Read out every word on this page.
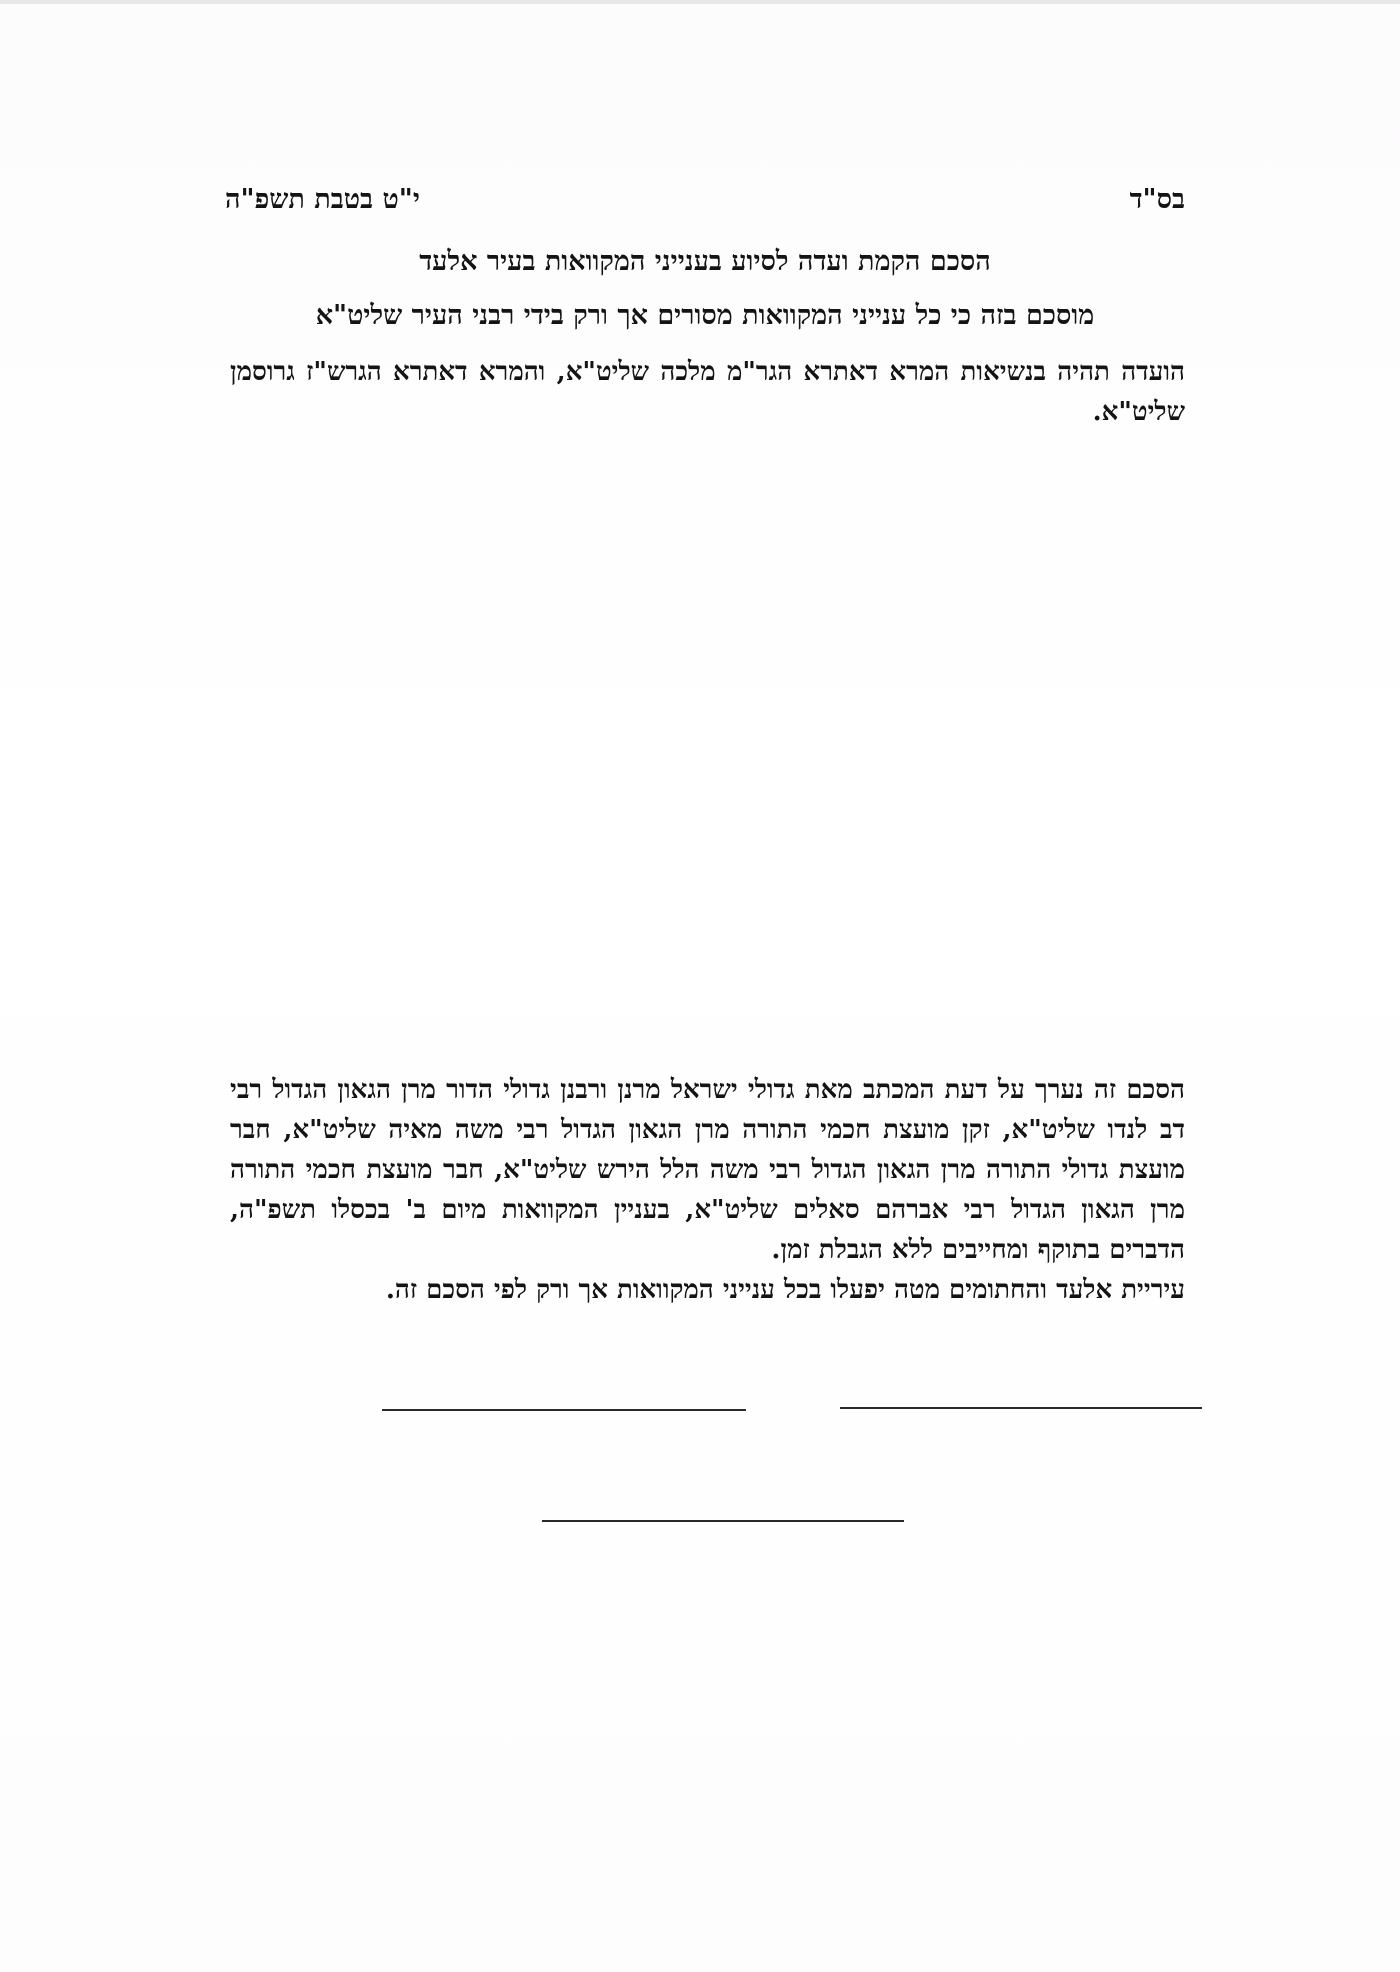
בס"ד
י"ט בטבת תשפ"ה
הסכם הקמת ועדה לסיוע בענייני המקוואות בעיר אלעד
מוסכם בזה כי כל ענייני המקוואות מסורים אך ורק בידי רבני העיר שליט"א
הועדה תהיה בנשיאות המרא דאתרא הגר"מ מלכה שליט"א, והמרא דאתרא הגרש"ז גרוסמן שליט"א.
הסכם זה נערך על דעת המכתב מאת גדולי ישראל מרנן ורבנן גדולי הדור מרן הגאון הגדול רבי דב לנדו שליט"א, זקן מועצת חכמי התורה מרן הגאון הגדול רבי משה מאיה שליט"א, חבר מועצת גדולי התורה מרן הגאון הגדול רבי משה הלל הירש שליט"א, חבר מועצת חכמי התורה מרן הגאון הגדול רבי אברהם סאלים שליט"א, בעניין המקוואות מיום ב' בכסלו תשפ"ה, הדברים בתוקף ומחייבים ללא הגבלת זמן.
עיריית אלעד והחתומים מטה יפעלו בכל ענייני המקוואות אך ורק לפי הסכם זה.
